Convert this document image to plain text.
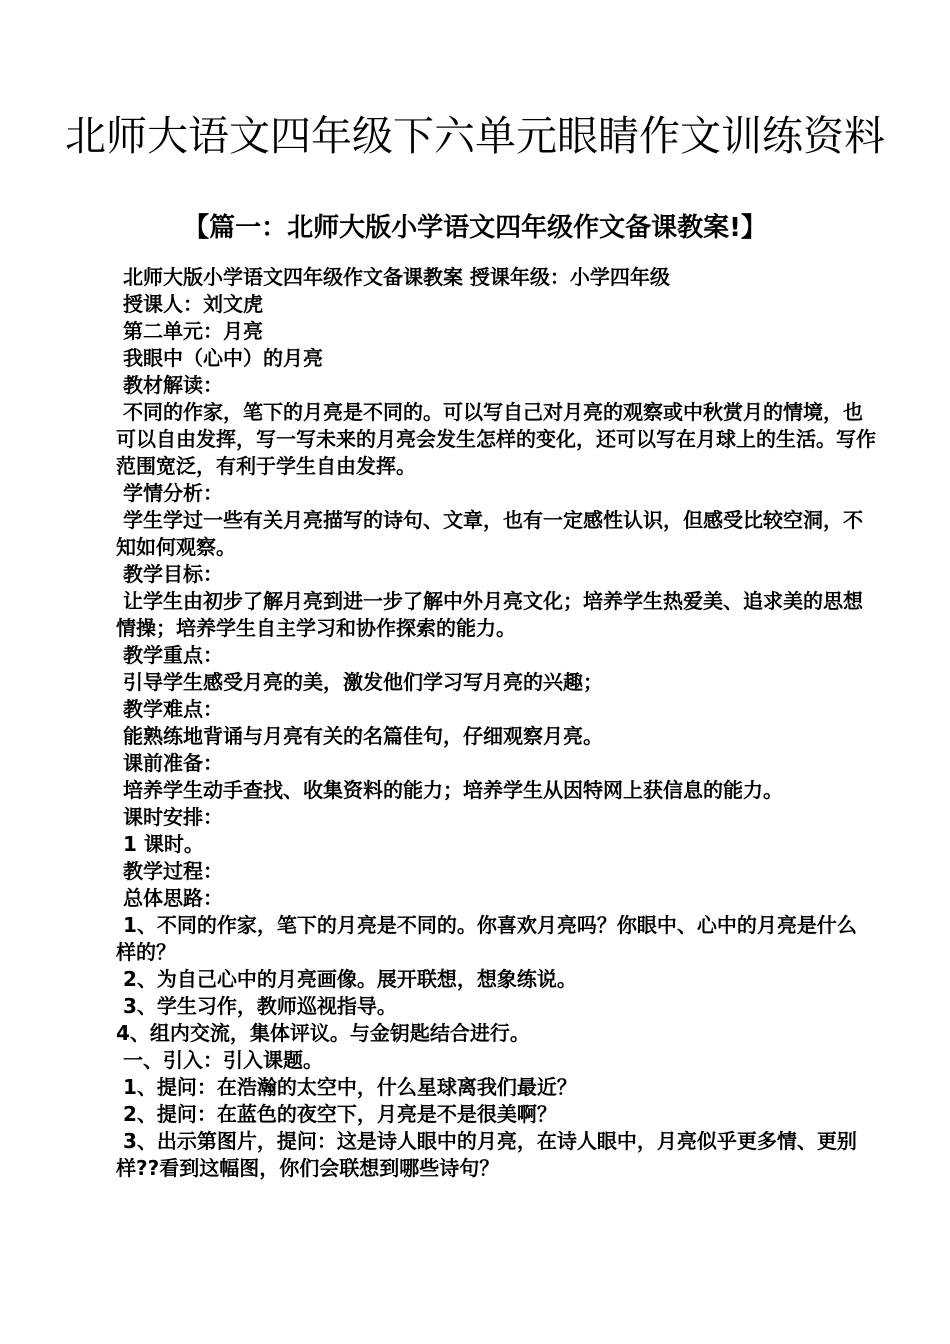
北师大语文四年级下六单元眼睛作文训练资料
【篇一：北师大版小学语文四年级作文备课教案!】

北师大版小学语文四年级作文备课教案 授课年级：小学四年级

授课人：刘文虎

第二单元：月亮

我眼中（心中）的月亮

教材解读：

不同的作家，笔下的月亮是不同的。可以写自己对月亮的观察或中秋赏月的情境，也可以自由发挥，写一写未来的月亮会发生怎样的变化，还可以写在月球上的生活。写作范围宽泛，有利于学生自由发挥。

学情分析：

学生学过一些有关月亮描写的诗句、文章，也有一定感性认识，但感受比较空洞，不知如何观察。

教学目标：

让学生由初步了解月亮到进一步了解中外月亮文化；培养学生热爱美、追求美的思想情操；培养学生自主学习和协作探索的能力。

教学重点：

引导学生感受月亮的美，激发他们学习写月亮的兴趣；

教学难点：

能熟练地背诵与月亮有关的名篇佳句，仔细观察月亮。

课前准备：

培养学生动手查找、收集资料的能力；培养学生从因特网上获信息的能力。

课时安排：

1 课时。

教学过程：

总体思路：

1、不同的作家，笔下的月亮是不同的。你喜欢月亮吗？你眼中、心中的月亮是什么样的？

2、为自己心中的月亮画像。展开联想，想象练说。

3、学生习作，教师巡视指导。

4、组内交流，集体评议。与金钥匙结合进行。

一、引入：引入课题。

1、提问：在浩瀚的太空中，什么星球离我们最近？

2、提问：在蓝色的夜空下，月亮是不是很美啊？

3、出示第图片，提问：这是诗人眼中的月亮，在诗人眼中，月亮似乎更多情、更别样??看到这幅图，你们会联想到哪些诗句？
